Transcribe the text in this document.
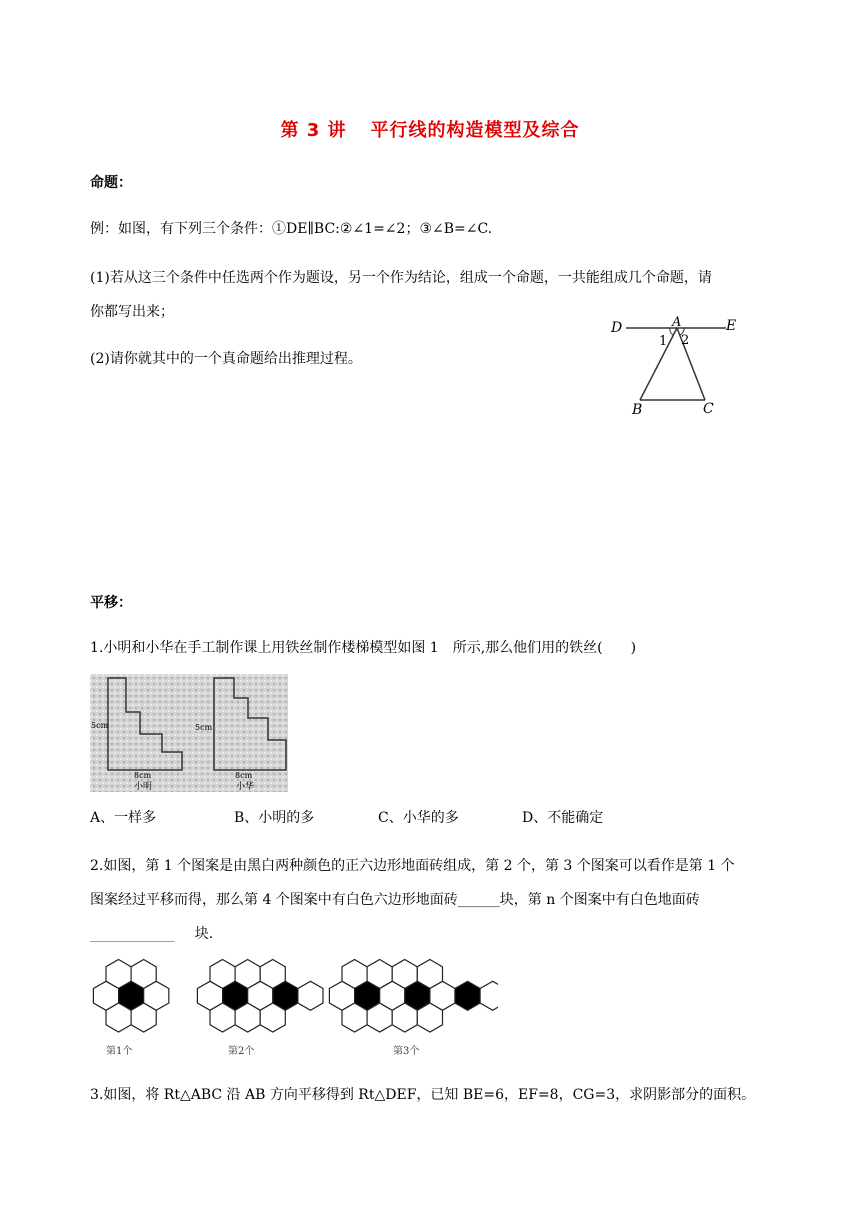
第 3 讲 平行线的构造模型及综合
命题：
例：如图，有下列三个条件：①DE∥BC:②∠1=∠2；③∠B=∠C.
(1)若从这三个条件中任选两个作为题设，另一个作为结论，组成一个命题，一共能组成几个命题，请
你都写出来；
(2)请你就其中的一个真命题给出推理过程。
D	A	E
1 2
B	C
平移：
1.小明和小华在手工制作课上用铁丝制作楼梯模型如图 1　所示,那么他们用的铁丝(　　)
5cm
8cm
小明
5cm
8cm
小华
A、一样多	B、小明的多	C、小华的多	D、不能确定
2.如图，第 1 个图案是由黑白两种颜色的正六边形地面砖组成，第 2 个，第 3 个图案可以看作是第 1 个
图案经过平移而得，那么第 4 个图案中有白色六边形地面砖______块，第 n 个图案中有白色地面砖
__________ 块.
第1个	第2个	第3个
3.如图，将 Rt△ABC 沿 AB 方向平移得到 Rt△DEF，已知 BE=6，EF=8，CG=3，求阴影部分的面积。
